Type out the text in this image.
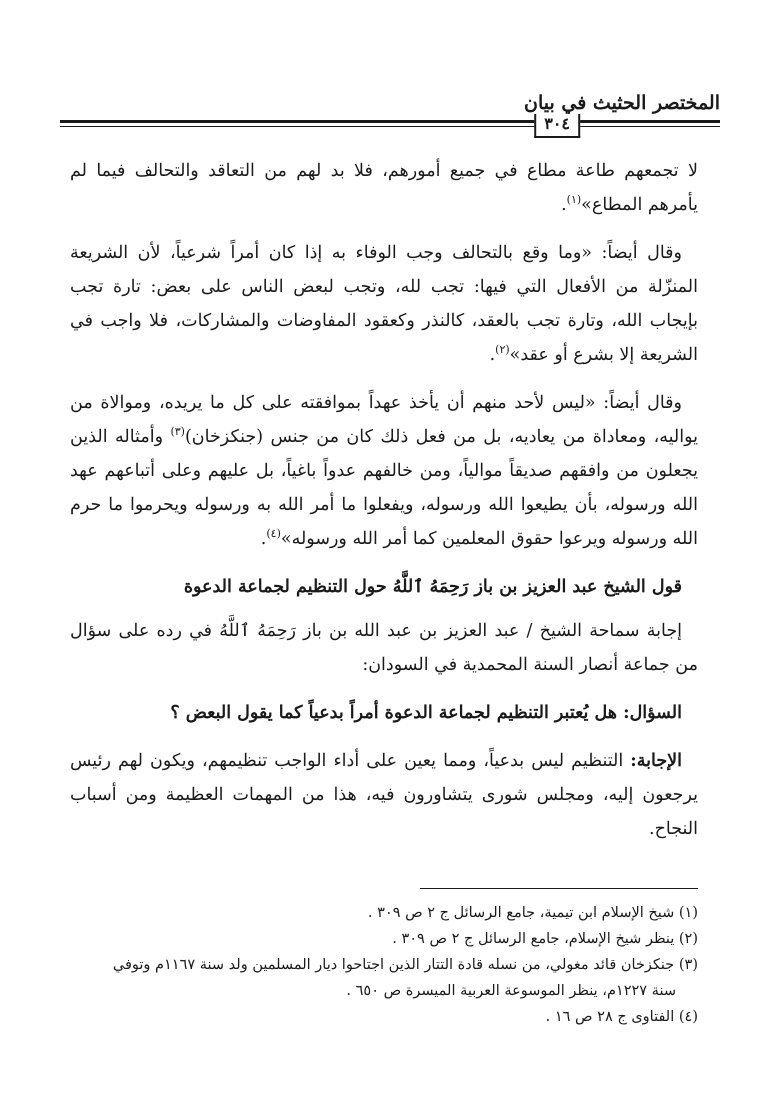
المختصر الحثيث في بيان
٣٠٤

لا تجمعهم طاعة مطاع في جميع أمورهم، فلا بد لهم من التعاقد والتحالف فيما لم يأمرهم المطاع»$^{(١)}$.

وقال أيضاً: «وما وقع بالتحالف وجب الوفاء به إذا كان أمراً شرعياً، لأن الشريعة المنزّلة من الأفعال التي فيها: تجب لله، وتجب لبعض الناس على بعض: تارة تجب بإيجاب الله، وتارة تجب بالعقد، كالنذر وكعقود المفاوضات والمشاركات، فلا واجب في الشريعة إلا بشرع أو عقد»$^{(٢)}$.

وقال أيضاً: «ليس لأحد منهم أن يأخذ عهداً بموافقته على كل ما يريده، وموالاة من يواليه، ومعاداة من يعاديه، بل من فعل ذلك كان من جنس (جنكزخان)$^{(٣)}$ وأمثاله الذين يجعلون من وافقهم صديقاً موالياً، ومن خالفهم عدواً باغياً، بل عليهم وعلى أتباعهم عهد الله ورسوله، بأن يطيعوا الله ورسوله، ويفعلوا ما أمر الله به ورسوله ويحرموا ما حرم الله ورسوله ويرعوا حقوق المعلمين كما أمر الله ورسوله»$^{(٤)}$.

قول الشيخ عبد العزيز بن باز رَحِمَهُ ٱللَّهُ حول التنظيم لجماعة الدعوة

إجابة سماحة الشيخ / عبد العزيز بن عبد الله بن باز رَحِمَهُ ٱللَّهُ في رده على سؤال من جماعة أنصار السنة المحمدية في السودان:

السؤال: هل يُعتبر التنظيم لجماعة الدعوة أمراً بدعياً كما يقول البعض ؟

الإجابة: التنظيم ليس بدعياً، ومما يعين على أداء الواجب تنظيمهم، ويكون لهم رئيس يرجعون إليه، ومجلس شورى يتشاورون فيه، هذا من المهمات العظيمة ومن أسباب النجاح.

(١) شيخ الإسلام ابن تيمية، جامع الرسائل ج ٢ ص ٣٠٩ .
(٢) ينظر شيخ الإسلام، جامع الرسائل ج ٢ ص ٣٠٩ .
(٣) جنكزخان قائد مغولي، من نسله قادة التتار الذين اجتاحوا ديار المسلمين ولد سنة ١١٦٧م وتوفي
سنة ١٢٢٧م، ينظر الموسوعة العربية الميسرة ص ٦٥٠ .
(٤) الفتاوى ج ٢٨ ص ١٦ .
